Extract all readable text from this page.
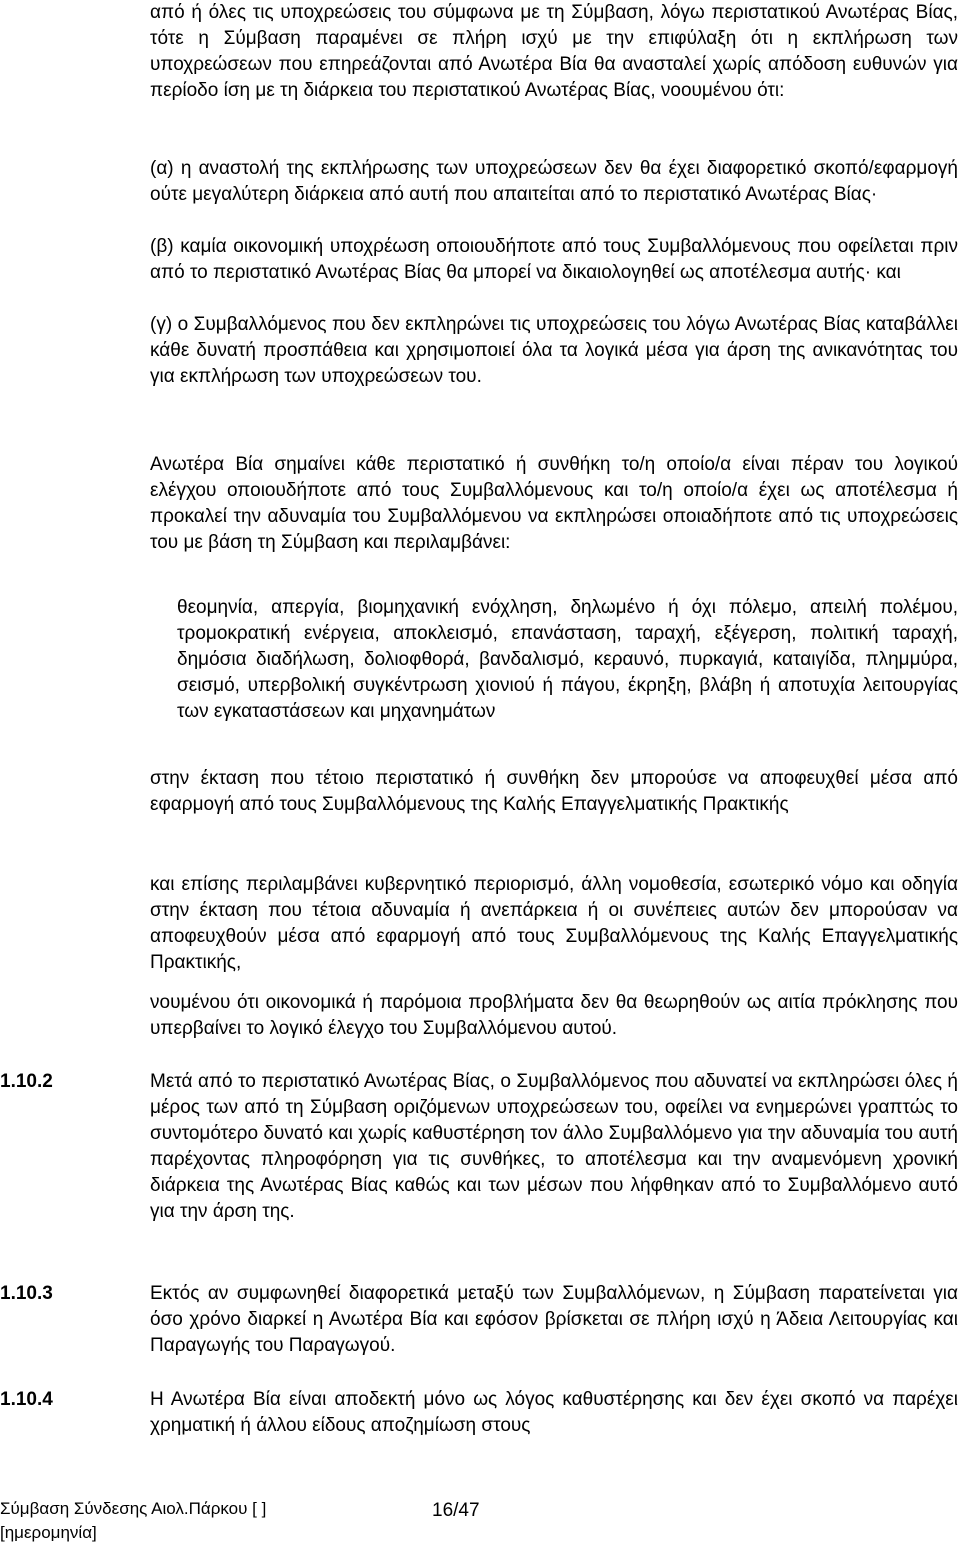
από ή όλες τις υποχρεώσεις του σύμφωνα με τη Σύμβαση, λόγω περιστατικού Ανωτέρας Βίας, τότε η Σύμβαση παραμένει σε πλήρη ισχύ με την επιφύλαξη ότι η εκπλήρωση των υποχρεώσεων που επηρεάζονται από Ανωτέρα Βία θα ανασταλεί χωρίς απόδοση ευθυνών για περίοδο ίση με τη διάρκεια του περιστατικού Ανωτέρας Βίας, νοουμένου ότι:

(α) η αναστολή της εκπλήρωσης των υποχρεώσεων δεν θα έχει διαφορετικό σκοπό/εφαρμογή ούτε μεγαλύτερη διάρκεια από αυτή που απαιτείται από το περιστατικό Ανωτέρας Βίας·

(β) καμία οικονομική υποχρέωση οποιουδήποτε από τους Συμβαλλόμενους που οφείλεται πριν από το περιστατικό Ανωτέρας Βίας θα μπορεί να δικαιολογηθεί ως αποτέλεσμα αυτής· και

(γ) ο Συμβαλλόμενος που δεν εκπληρώνει τις υποχρεώσεις του λόγω Ανωτέρας Βίας καταβάλλει κάθε δυνατή προσπάθεια και χρησιμοποιεί όλα τα λογικά μέσα για άρση της ανικανότητας του για εκπλήρωση των υποχρεώσεων του.

Ανωτέρα Βία σημαίνει κάθε περιστατικό ή συνθήκη το/η οποίο/α είναι πέραν του λογικού ελέγχου οποιουδήποτε από τους Συμβαλλόμενους και το/η οποίο/α έχει ως αποτέλεσμα ή προκαλεί την αδυναμία του Συμβαλλόμενου να εκπληρώσει οποιαδήποτε από τις υποχρεώσεις του με βάση τη Σύμβαση και περιλαμβάνει:

θεομηνία, απεργία, βιομηχανική ενόχληση, δηλωμένο ή όχι πόλεμο, απειλή πολέμου, τρομοκρατική ενέργεια, αποκλεισμό, επανάσταση, ταραχή, εξέγερση, πολιτική ταραχή, δημόσια διαδήλωση, δολιοφθορά, βανδαλισμό, κεραυνό, πυρκαγιά, καταιγίδα, πλημμύρα, σεισμό, υπερβολική συγκέντρωση χιονιού ή πάγου, έκρηξη, βλάβη ή αποτυχία λειτουργίας των εγκαταστάσεων και μηχανημάτων

στην έκταση που τέτοιο περιστατικό ή συνθήκη δεν μπορούσε να αποφευχθεί μέσα από εφαρμογή από τους Συμβαλλόμενους της Καλής Επαγγελματικής Πρακτικής

και επίσης περιλαμβάνει κυβερνητικό περιορισμό, άλλη νομοθεσία, εσωτερικό νόμο και οδηγία στην έκταση που τέτοια αδυναμία ή ανεπάρκεια ή οι συνέπειες αυτών δεν μπορούσαν να αποφευχθούν μέσα από εφαρμογή από τους Συμβαλλόμενους της Καλής Επαγγελματικής Πρακτικής,

νουμένου ότι οικονομικά ή παρόμοια προβλήματα δεν θα θεωρηθούν ως αιτία πρόκλησης που υπερβαίνει το λογικό έλεγχο του Συμβαλλόμενου αυτού.

1.10.2	Μετά από το περιστατικό Ανωτέρας Βίας, ο Συμβαλλόμενος που αδυνατεί να εκπληρώσει όλες ή μέρος των από τη Σύμβαση οριζόμενων υποχρεώσεων του, οφείλει να ενημερώνει γραπτώς το συντομότερο δυνατό και χωρίς καθυστέρηση τον άλλο Συμβαλλόμενο για την αδυναμία του αυτή παρέχοντας πληροφόρηση για τις συνθήκες, το αποτέλεσμα και την αναμενόμενη χρονική διάρκεια της Ανωτέρας Βίας καθώς και των μέσων που λήφθηκαν από το Συμβαλλόμενο αυτό για την άρση της.

1.10.3	Εκτός αν συμφωνηθεί διαφορετικά μεταξύ των Συμβαλλόμενων, η Σύμβαση παρατείνεται για όσο χρόνο διαρκεί η Ανωτέρα Βία και εφόσον βρίσκεται σε πλήρη ισχύ η Άδεια Λειτουργίας και Παραγωγής του Παραγωγού.

1.10.4	Η Ανωτέρα Βία είναι αποδεκτή μόνο ως λόγος καθυστέρησης και δεν έχει σκοπό να παρέχει χρηματική ή άλλου είδους αποζημίωση στους

Σύμβαση Σύνδεσης Αιολ.Πάρκου [ ]
[ημερομηνία]
16/47
